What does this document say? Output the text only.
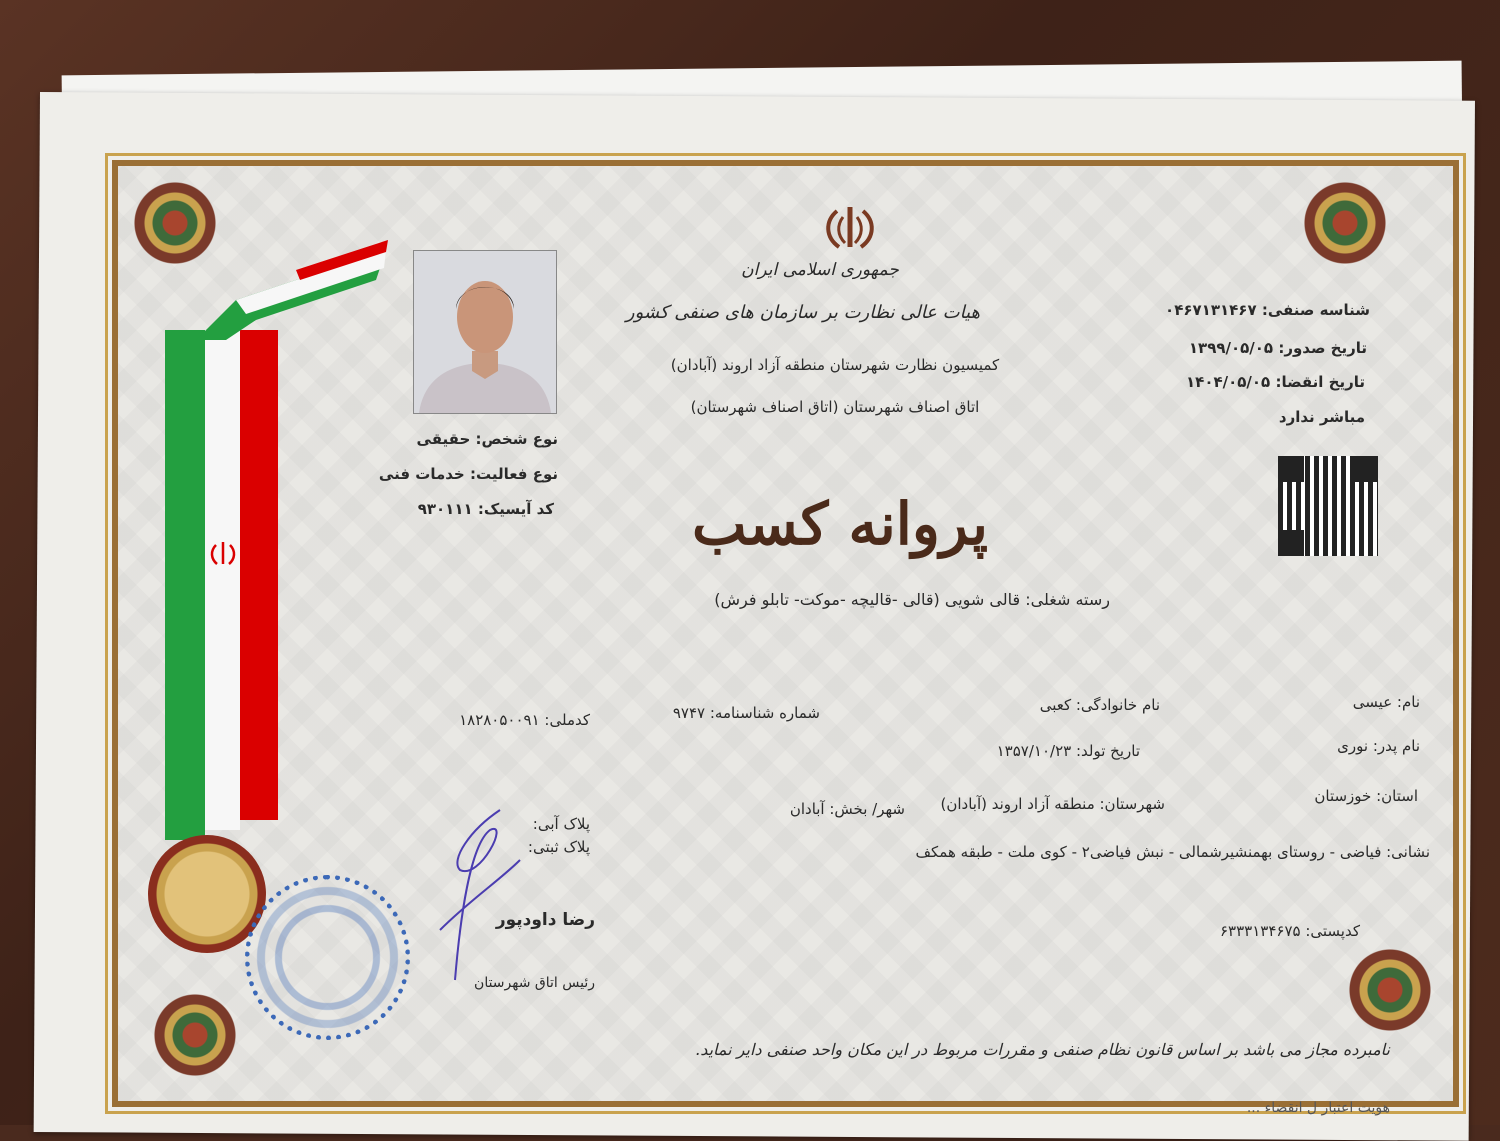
جمهوری اسلامی ایران
هیات عالی نظارت بر سازمان های صنفی کشور
کمیسیون نظارت شهرستان منطقه آزاد اروند (آبادان)
اتاق اصناف شهرستان (اتاق اصناف شهرستان)
شناسه صنفی: ۰۴۶۷۱۳۱۴۶۷
تاریخ صدور: ۱۳۹۹/۰۵/۰۵
تاریخ انقضا: ۱۴۰۴/۰۵/۰۵
مباشر ندارد
نوع شخص: حقیقی
نوع فعالیت: خدمات فنی
کد آیسیک: ۹۳۰۱۱۱	پروانه کسب
رسته شغلی: قالی شویی (قالی -قالیچه -موکت- تابلو فرش)
نام: عیسی
نام خانوادگی: کعبی
شماره شناسنامه: ۹۷۴۷
کدملی: ۱۸۲۸۰۵۰۰۹۱
نام پدر: نوری
تاریخ تولد: ۱۳۵۷/۱۰/۲۳
استان: خوزستان
شهرستان: منطقه آزاد اروند (آبادان)
شهر/ بخش: آبادان
پلاک آبی:
پلاک ثبتی:	نشانی: فیاضی - روستای بهمنشیرشمالی - نبش فیاضی۲ - کوی ملت - طبقه همکف
کدپستی: ۶۳۳۳۱۳۴۶۷۵
رضا داودپور
رئیس اتاق شهرستان
نامبرده مجاز می باشد بر اساس قانون نظام صنفی و مقررات مربوط در این مکان واحد صنفی دایر نماید.
هویت اعتبار ل انقضاء ...
